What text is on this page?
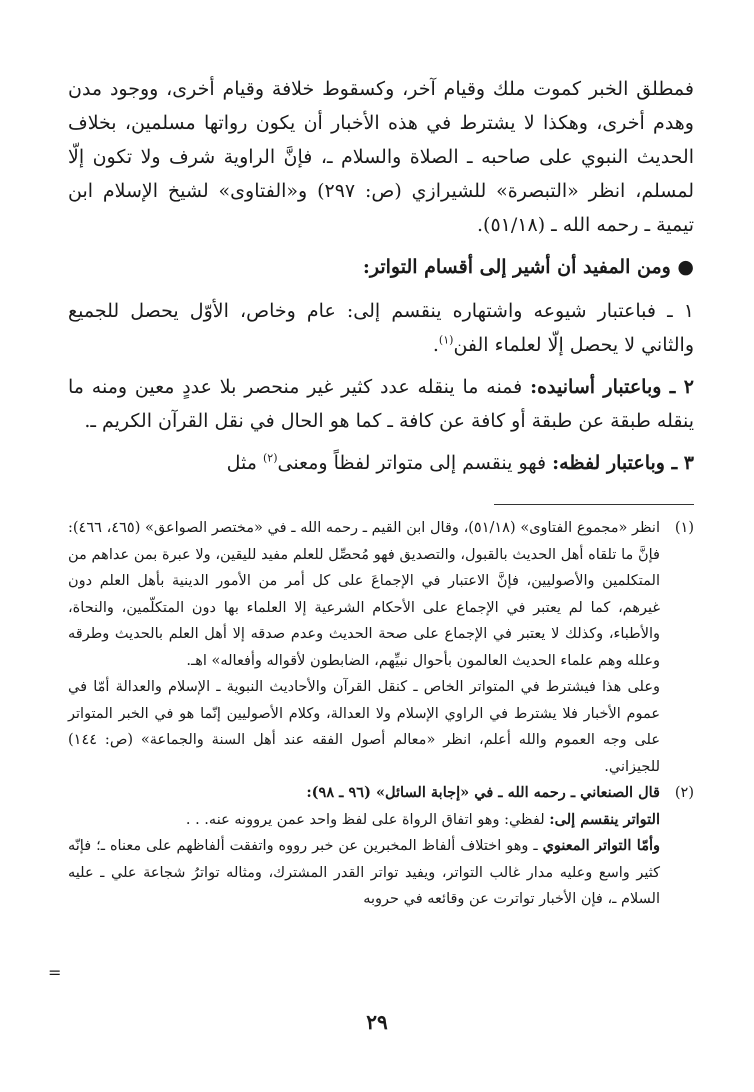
فمطلق الخبر كموت ملك وقيام آخر، وكسقوط خلافة وقيام أخرى، ووجود مدن وهدم أخرى، وهكذا لا يشترط في هذه الأخبار أن يكون رواتها مسلمين، بخلاف الحديث النبوي على صاحبه ـ الصلاة والسلام ـ، فإنَّ الراوية شرف ولا تكون إلّا لمسلم، انظر «التبصرة» للشيرازي (ص: ٢٩٧) و«الفتاوى» لشيخ الإسلام ابن تيمية ـ رحمه الله ـ (٥١/١٨).

● ومن المفيد أن أشير إلى أقسام التواتر:

١ ـ فباعتبار شيوعه واشتهاره ينقسم إلى: عام وخاص، الأوّل يحصل للجميع والثاني لا يحصل إلّا لعلماء الفن$^{(١)}$.

٢ ـ وباعتبار أسانيده: فمنه ما ينقله عدد كثير غير منحصر بلا عددٍ معين ومنه ما ينقله طبقة عن طبقة أو كافة عن كافة ـ كما هو الحال في نقل القرآن الكريم ـ.

٣ ـ وباعتبار لفظه: فهو ينقسم إلى متواتر لفظاً ومعنى$^{(٢)}$ مثل

(١)

انظر «مجموع الفتاوى» (٥١/١٨)، وقال ابن القيم ـ رحمه الله ـ في «مختصر الصواعق» (٤٦٥، ٤٦٦): فإنَّ ما تلقاه أهل الحديث بالقبول، والتصديق فهو مُحصِّل للعلم مفيد لليقين، ولا عبرة بمن عداهم من المتكلمين والأصوليين، فإنَّ الاعتبار في الإجماعَ على كل أمر من الأمور الدينية بأهل العلم دون غيرهم، كما لم يعتبر في الإجماع على الأحكام الشرعية إلا العلماء بها دون المتكلّمين، والنحاة، والأطباء، وكذلك لا يعتبر في الإجماع على صحة الحديث وعدم صدقه إلا أهل العلم بالحديث وطرقه وعلله وهم علماء الحديث العالمون بأحوال نبيِّهم، الضابطون لأقواله وأفعاله» اهـ.

وعلى هذا فيشترط في المتواتر الخاص ـ كنقل القرآن والأحاديث النبوية ـ الإسلام والعدالة أمّا في عموم الأخبار فلا يشترط في الراوي الإسلام ولا العدالة، وكلام الأصوليين إنّما هو في الخبر المتواتر على وجه العموم والله أعلم، انظر «معالم أصول الفقه عند أهل السنة والجماعة» (ص: ١٤٤) للجيزاني.

(٢)

قال الصنعاني ـ رحمه الله ـ في «إجابة السائل» (٩٦ ـ ٩٨):

التواتر ينقسم إلى: لفظي: وهو اتفاق الرواة على لفظ واحد عمن يروونه عنه. . .

وأمّا التواتر المعنوي ـ وهو اختلاف ألفاظ المخبرين عن خبر رووه واتفقت ألفاظهم على معناه ـ؛ فإنّه كثير واسع وعليه مدار غالب التواتر، ويفيد تواتر القدر المشترك، ومثاله تواترُ شجاعة علي ـ عليه السلام ـ، فإن الأخبار تواترت عن وقائعه في حروبه

=
٢٩
